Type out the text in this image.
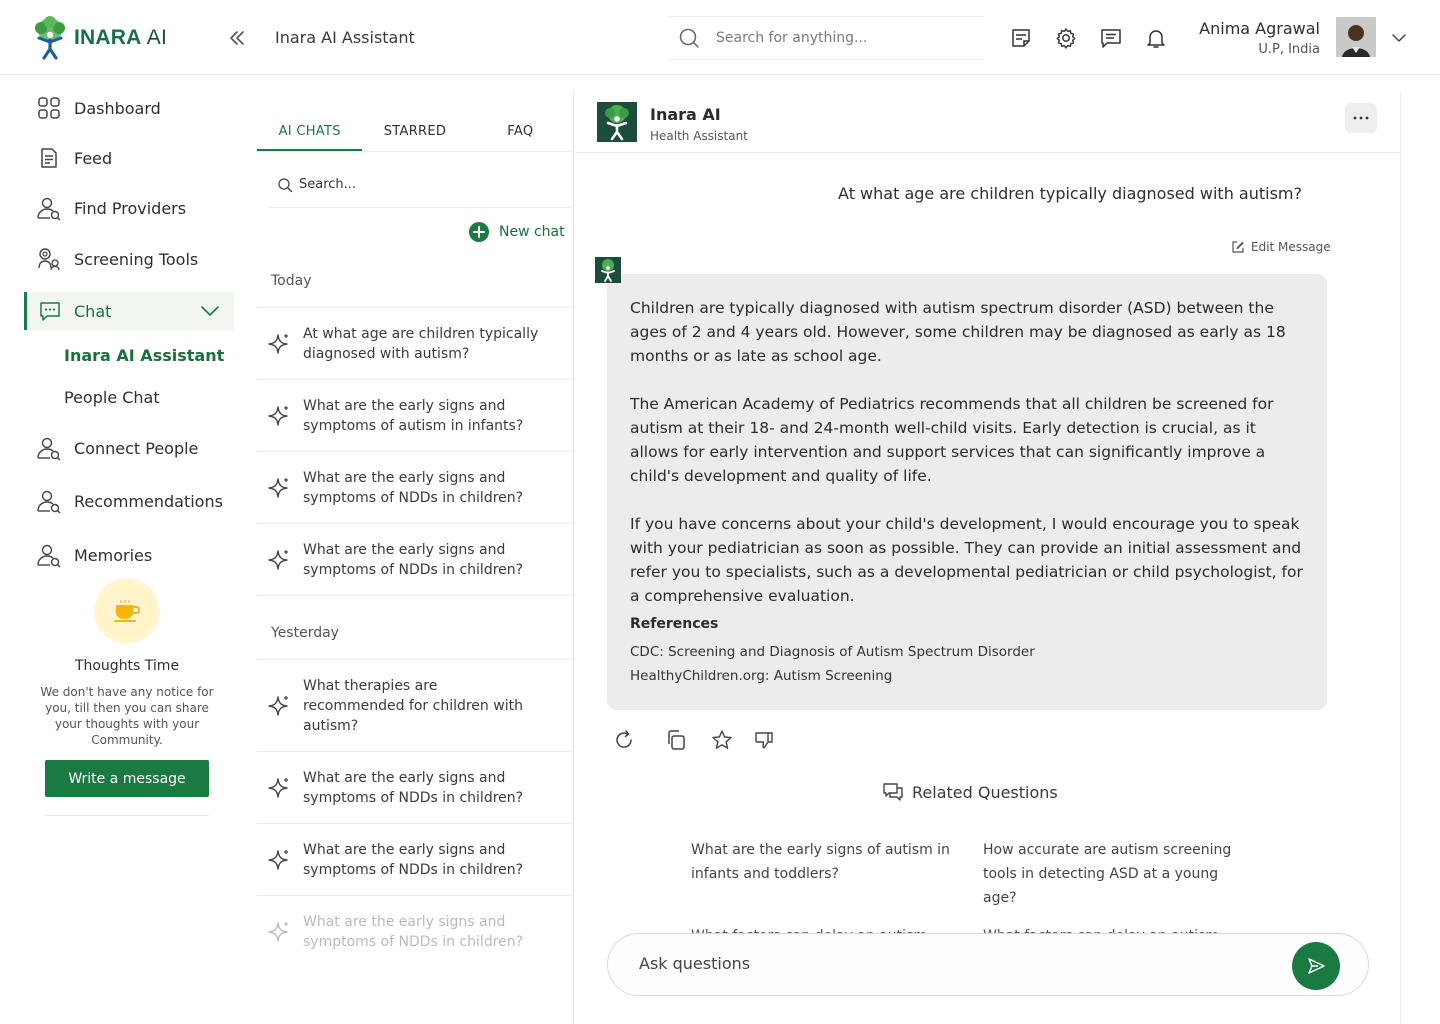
INARA AI	Inara AI Assistant
Search for anything...	Anima Agrawal
U.P, India
Dashboard
Feed
Find Providers
Screening Tools
Chat
Inara AI Assistant
People Chat
Connect People
Recommendations
Memories
Thoughts Time
We don't have any notice for you, till then you can share your thoughts with your Community.
Write a message
AI CHATS	STARRED	FAQ
Search...
New chat
Today
At what age are children typically diagnosed with autism?
What are the early signs and symptoms of autism in infants?
What are the early signs and symptoms of NDDs in children?
What are the early signs and symptoms of NDDs in children?
Yesterday
What therapies are recommended for children with autism?
What are the early signs and symptoms of NDDs in children?
What are the early signs and symptoms of NDDs in children?
What are the early signs and symptoms of NDDs in children?
Inara AI
Health Assistant
At what age are children typically diagnosed with autism?
Edit Message

Children are typically diagnosed with autism spectrum disorder (ASD) between the ages of 2 and 4 years old. However, some children may be diagnosed as early as 18 months or as late as school age.

The American Academy of Pediatrics recommends that all children be screened for autism at their 18- and 24-month well-child visits. Early detection is crucial, as it allows for early intervention and support services that can significantly improve a child's development and quality of life.

If you have concerns about your child's development, I would encourage you to speak with your pediatrician as soon as possible. They can provide an initial assessment and refer you to specialists, such as a developmental pediatrician or child psychologist, for a comprehensive evaluation.

References
CDC: Screening and Diagnosis of Autism Spectrum Disorder
HealthyChildren.org: Autism Screening
Related Questions
What are the early signs of autism in infants and toddlers?
How accurate are autism screening tools in detecting ASD at a young age?
Ask questions
